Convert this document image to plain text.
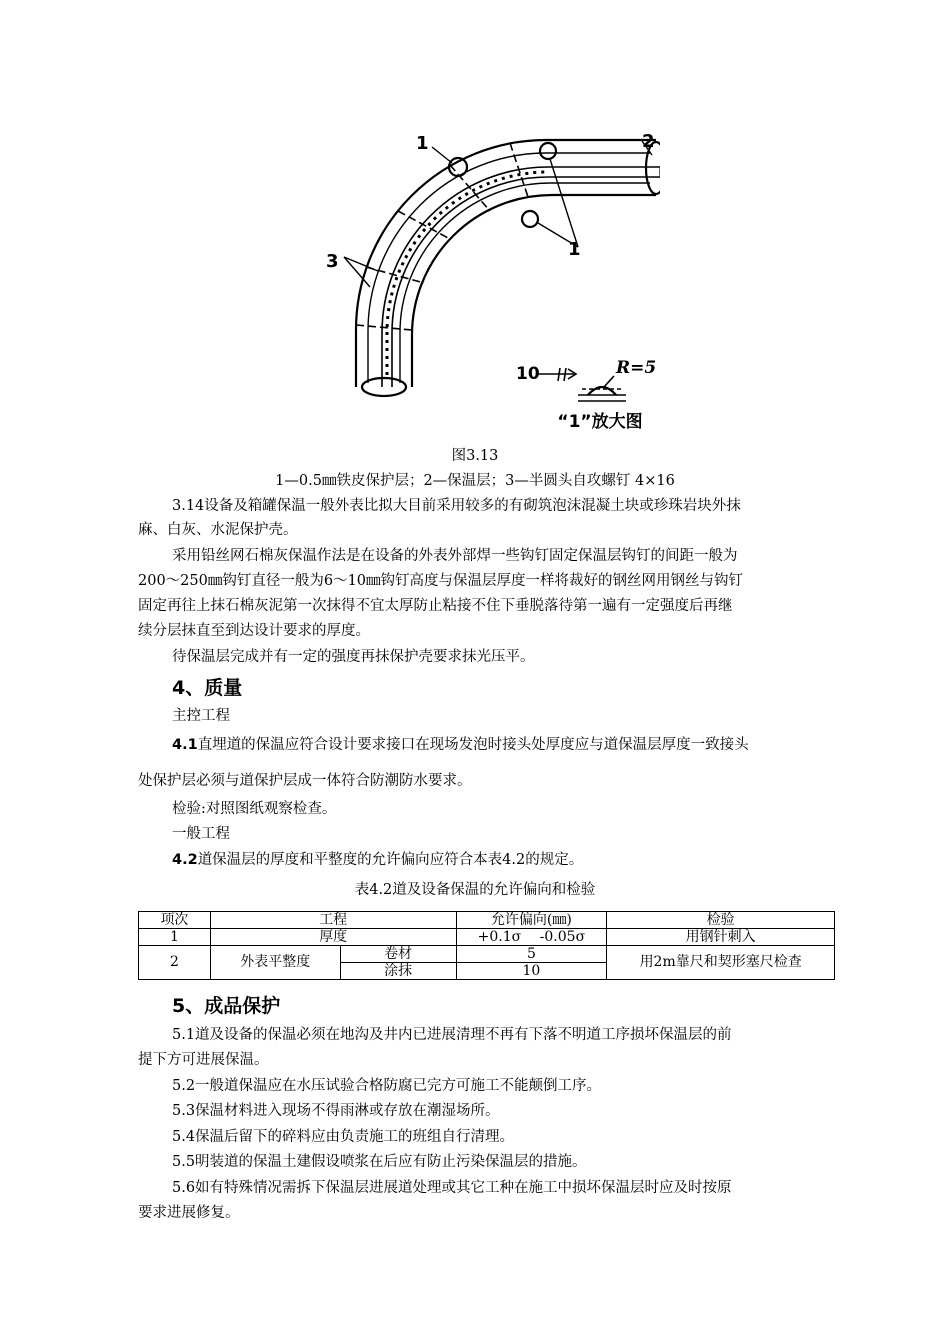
1	2
1
3
10	R=5
“1”放大图
图3.13
1—0.5㎜铁皮保护层；2—保温层；3—半圆头自攻螺钉 4×16
3.14设备及箱罐保温一般外表比拟大目前采用较多的有砌筑泡沫混凝土块或珍珠岩块外抹
麻、白灰、水泥保护壳。
采用铅丝网石棉灰保温作法是在设备的外表外部焊一些钩钉固定保温层钩钉的间距一般为
200～250㎜钩钉直径一般为6～10㎜钩钉高度与保温层厚度一样将裁好的钢丝网用钢丝与钩钉
固定再往上抹石棉灰泥第一次抹得不宜太厚防止粘接不住下垂脱落待第一遍有一定强度后再继
续分层抹直至到达设计要求的厚度。
待保温层完成并有一定的强度再抹保护壳要求抹光压平。
4、质量
主控工程
4.1直埋道的保温应符合设计要求接口在现场发泡时接头处厚度应与道保温层厚度一致接头
处保护层必须与道保护层成一体符合防潮防水要求。
检验:对照图纸观察检查。
一般工程
4.2道保温层的厚度和平整度的允许偏向应符合本表4.2的规定。
表4.2道及设备保温的允许偏向和检验
项次	工程		允许偏向(㎜)	检验
1	厚度		+0.1σ　 -0.05σ	用钢针刺入
2	外表平整度	卷材	5	用2m靠尺和契形塞尺检查
		涂抹	10	
5、成品保护
5.1道及设备的保温必须在地沟及井内已进展清理不再有下落不明道工序损坏保温层的前
提下方可进展保温。
5.2一般道保温应在水压试验合格防腐已完方可施工不能颠倒工序。
5.3保温材料进入现场不得雨淋或存放在潮湿场所。
5.4保温后留下的碎料应由负责施工的班组自行清理。
5.5明装道的保温土建假设喷浆在后应有防止污染保温层的措施。
5.6如有特殊情况需拆下保温层进展道处理或其它工种在施工中损坏保温层时应及时按原
要求进展修复。
